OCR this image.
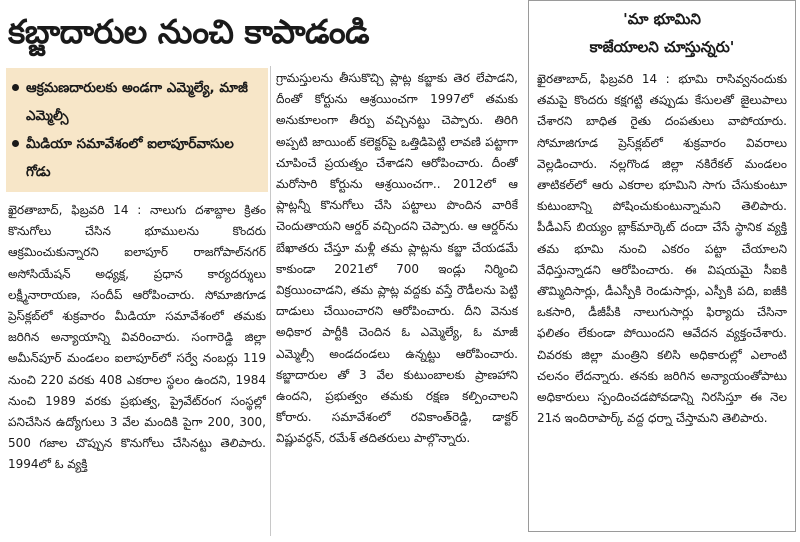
కబ్జాదారుల నుంచి కాపాడండి
ఆక్రమణదారులకు అండగా ఎమ్మెల్యే, మాజీ ఎమ్మెల్సీ
మీడియా సమావేశంలో ఐలాపూర్‌వాసుల గోడు

ఖైరతాబాద్, ఫిబ్రవరి 14 : నాలుగు దశాబ్దాల క్రితం కొనుగోలు చేసిన భూములను కొందరు ఆక్రమించుకున్నారని ఐలాపూర్ రాజగోపాల్‌నగర్ అసోసియేషన్ అధ్యక్ష, ప్రధాన కార్యదర్శులు లక్ష్మీనారాయణ, సందీప్ ఆరోపించారు. సోమాజిగూడ ప్రెస్‌క్లబ్‌లో శుక్రవారం మీడియా సమావేశంలో తమకు జరిగిన అన్యాయాన్ని వివరించారు. సంగారెడ్డి జిల్లా అమీన్‌పూర్ మండలం ఐలాపూర్‌లో సర్వే నంబర్లు 119 నుంచి 220 వరకు 408 ఎకరాల స్థలం ఉందని, 1984 నుంచి 1989 వరకు ప్రభుత్వ, ప్రైవేట్‌రంగ సంస్థల్లో పనిచేసిన ఉద్యోగులు 3 వేల మందికి పైగా 200, 300, 500 గజాల చొప్పున కొనుగోలు చేసినట్టు తెలిపారు. 1994లో ఓ వ్యక్తి

గ్రామస్తులను తీసుకొచ్చి ప్లాట్ల కబ్జాకు తెర లేపాడని, దీంతో కోర్టును ఆశ్రయించగా 1997లో తమకు అనుకూలంగా తీర్పు వచ్చినట్టు చెప్పారు. తిరిగి అప్పటి జాయింట్ కలెక్టర్‌పై ఒత్తిడిపెట్టి లావణి పట్టాగా చూపించే ప్రయత్నం చేశాడని ఆరోపించారు. దీంతో మరోసారి కోర్టును ఆశ్రయించగా.. 2012లో ఆ ప్లాట్లన్నీ కొనుగోలు చేసి పట్టాలు పొందిన వారికే చెందుతాయని ఆర్డర్ వచ్చిందని చెప్పారు. ఆ ఆర్డర్‌ను బేఖాతరు చేస్తూ మళ్లీ తమ ప్లాట్లను కబ్జా చేయడమే కాకుండా 2021లో 700 ఇండ్లు నిర్మించి విక్రయించాడని, తమ ప్లాట్ల వద్దకు వస్తే రౌడీలను పెట్టి దాడులు చేయించారని ఆరోపించారు. దీని వెనుక అధికార పార్టీకి చెందిన ఓ ఎమ్మెల్యే, ఓ మాజీ ఎమ్మెల్సీ అండదండలు ఉన్నట్టు ఆరోపించారు. కబ్జాదారుల తో 3 వేల కుటుంబాలకు ప్రాణహాని ఉందని, ప్రభుత్వం తమకు రక్షణ కల్పించాలని కోరారు. సమావేశంలో రవికాంత్‌రెడ్డి, డాక్టర్ విష్ణువర్ధన్, రమేశ్ తదితరులు పాల్గొన్నారు.

'మా భూమిని
కాజేయాలని చూస్తున్నరు'

ఖైరతాబాద్, ఫిబ్రవరి 14 : భూమి రాసివ్వనందుకు తమపై కొందరు కక్షగట్టి తప్పుడు కేసులతో జైలుపాలు చేశారని బాధిత రైతు దంపతులు వాపోయారు. సోమాజిగూడ ప్రెస్‌క్లబ్‌లో శుక్రవారం వివరాలు వెల్లడించారు. నల్లగొండ జిల్లా నకిరేకల్ మండలం తాటికల్‌లో ఆరు ఎకరాల భూమిని సాగు చేసుకుంటూ కుటుంబాన్ని పోషించుకుంటున్నామని తెలిపారు. పీడీఎస్ బియ్యం బ్లాక్‌మార్కెట్ దందా చేసే స్థానిక వ్యక్తి తమ భూమి నుంచి ఎకరం పట్టా చేయాలని వేధిస్తున్నాడని ఆరోపించారు. ఈ విషయమై సీఐకి తొమ్మిదిసార్లు, డీఎస్పీకి రెండుసార్లు, ఎస్పీకి పది, ఐజీకి ఒకసారి, డీజీపీకి నాలుగుసార్లు ఫిర్యాదు చేసినా ఫలితం లేకుండా పోయిందని ఆవేదన వ్యక్తంచేశారు. చివరకు జిల్లా మంత్రిని కలిసి అధికారుల్లో ఎలాంటి చలనం లేదన్నారు. తనకు జరిగిన అన్యాయంతోపాటు అధికారులు స్పందించడపోవడాన్ని నిరసిస్తూ ఈ నెల 21న ఇందిరాపార్క్ వద్ద ధర్నా చేస్తామని తెలిపారు.
